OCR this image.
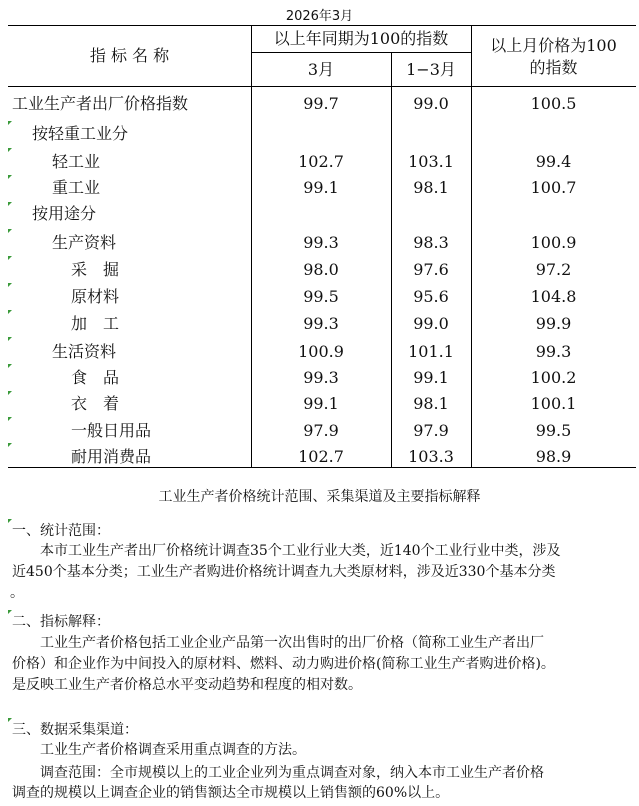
2026年3月
指 标 名 称
以上年同期为100的指数
3月	1−3月
以上月价格为100
的指数
工业生产者出厂价格指数	99.7	99.0	100.5
按轻重工业分
轻工业	102.7	103.1	99.4
重工业	99.1	98.1	100.7
按用途分
生产资料	99.3	98.3	100.9
采　掘	98.0	97.6	97.2
原材料	99.5	95.6	104.8
加　工	99.3	99.0	99.9
生活资料	100.9	101.1	99.3
食　品	99.3	99.1	100.2
衣　着	99.1	98.1	100.1
一般日用品	97.9	97.9	99.5
耐用消费品	102.7	103.3	98.9
工业生产者价格统计范围、采集渠道及主要指标解释
一、统计范围：
本市工业生产者出厂价格统计调查35个工业行业大类，近140个工业行业中类，涉及
近450个基本分类；工业生产者购进价格统计调查九大类原材料，涉及近330个基本分类
。
二、指标解释：
工业生产者价格包括工业企业产品第一次出售时的出厂价格（简称工业生产者出厂
价格）和企业作为中间投入的原材料、燃料、动力购进价格(简称工业生产者购进价格)。
是反映工业生产者价格总水平变动趋势和程度的相对数。
三、数据采集渠道：
工业生产者价格调查采用重点调查的方法。
调查范围：全市规模以上的工业企业列为重点调查对象，纳入本市工业生产者价格
调查的规模以上调查企业的销售额达全市规模以上销售额的60%以上。
